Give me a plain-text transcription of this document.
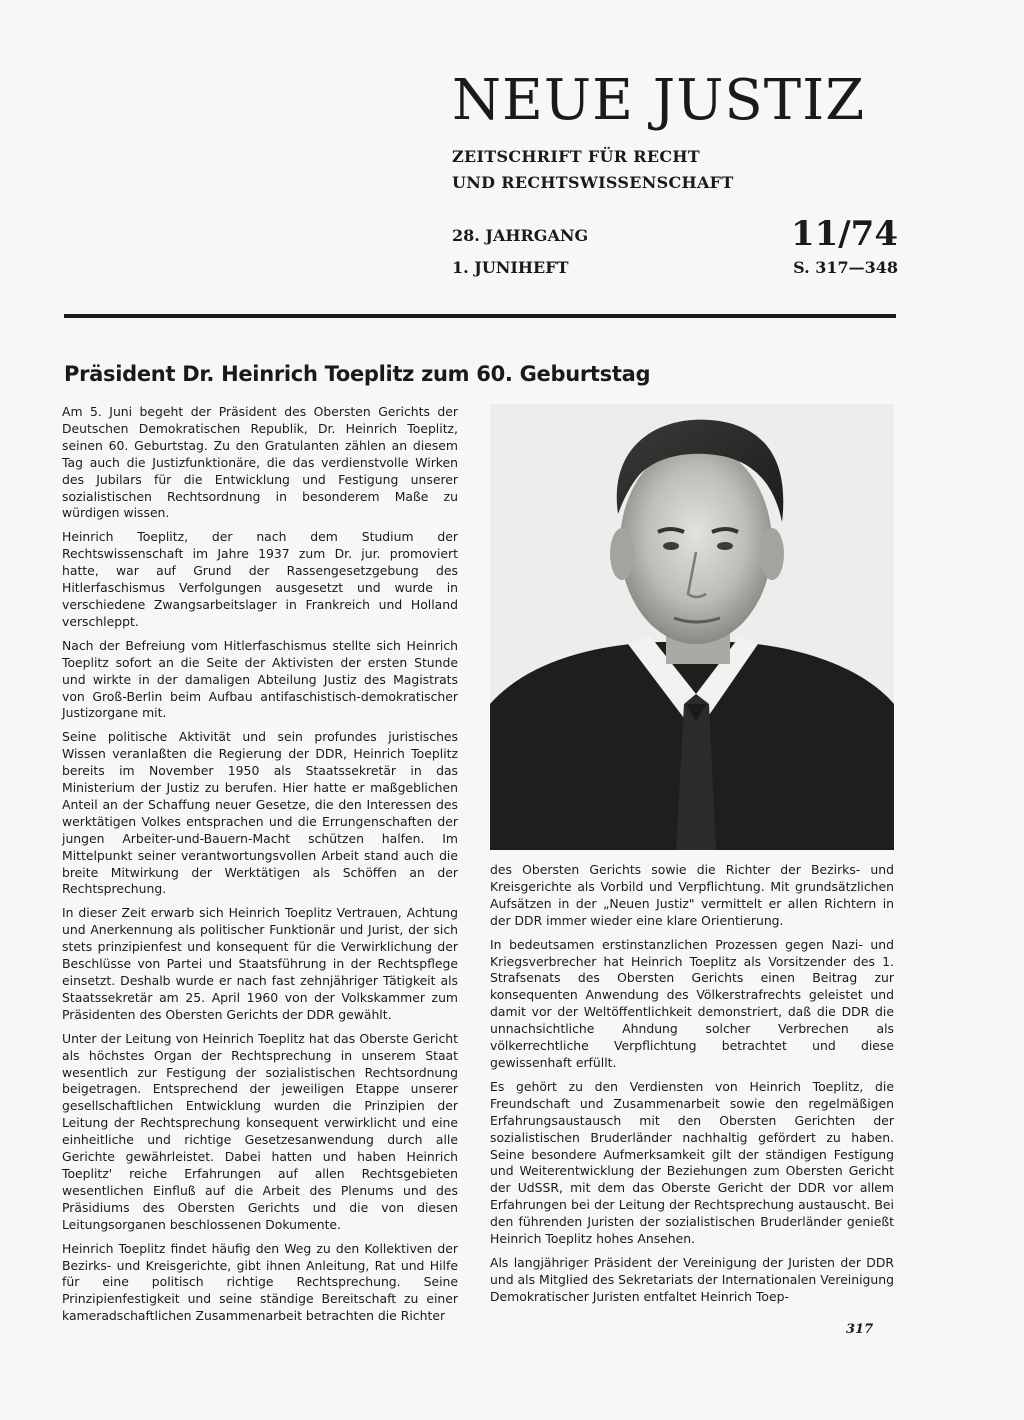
NEUE JUSTIZ
ZEITSCHRIFT FÜR RECHT
UND RECHTSWISSENSCHAFT
28. JAHRGANG
1. JUNIHEFT
11/74
S. 317—348
Präsident Dr. Heinrich Toeplitz zum 60. Geburtstag

Am 5. Juni begeht der Präsident des Obersten Gerichts der Deutschen Demokratischen Republik, Dr. Heinrich Toeplitz, seinen 60. Geburtstag. Zu den Gratulanten zählen an diesem Tag auch die Justizfunktionäre, die das verdienstvolle Wirken des Jubilars für die Entwicklung und Festigung unserer sozialistischen Rechtsordnung in besonderem Maße zu würdigen wissen.

Heinrich Toeplitz, der nach dem Studium der Rechtswissenschaft im Jahre 1937 zum Dr. jur. promoviert hatte, war auf Grund der Rassengesetzgebung des Hitlerfaschismus Verfolgungen ausgesetzt und wurde in verschiedene Zwangsarbeitslager in Frankreich und Holland verschleppt.

Nach der Befreiung vom Hitlerfaschismus stellte sich Heinrich Toeplitz sofort an die Seite der Aktivisten der ersten Stunde und wirkte in der damaligen Abteilung Justiz des Magistrats von Groß-Berlin beim Aufbau antifaschistisch-demokratischer Justizorgane mit.

Seine politische Aktivität und sein profundes juristisches Wissen veranlaßten die Regierung der DDR, Heinrich Toeplitz bereits im November 1950 als Staatssekretär in das Ministerium der Justiz zu berufen. Hier hatte er maßgeblichen Anteil an der Schaffung neuer Gesetze, die den Interessen des werktätigen Volkes entsprachen und die Errungenschaften der jungen Arbeiter-und-Bauern-Macht schützen halfen. Im Mittelpunkt seiner verantwortungsvollen Arbeit stand auch die breite Mitwirkung der Werktätigen als Schöffen an der Rechtsprechung.

In dieser Zeit erwarb sich Heinrich Toeplitz Vertrauen, Achtung und Anerkennung als politischer Funktionär und Jurist, der sich stets prinzipienfest und konsequent für die Verwirklichung der Beschlüsse von Partei und Staatsführung in der Rechtspflege einsetzt. Deshalb wurde er nach fast zehnjähriger Tätigkeit als Staatssekretär am 25. April 1960 von der Volkskammer zum Präsidenten des Obersten Gerichts der DDR gewählt.

Unter der Leitung von Heinrich Toeplitz hat das Oberste Gericht als höchstes Organ der Rechtsprechung in unserem Staat wesentlich zur Festigung der sozialistischen Rechtsordnung beigetragen. Entsprechend der jeweiligen Etappe unserer gesellschaftlichen Entwicklung wurden die Prinzipien der Leitung der Rechtsprechung konsequent verwirklicht und eine einheitliche und richtige Gesetzesanwendung durch alle Gerichte gewährleistet. Dabei hatten und haben Heinrich Toeplitz' reiche Erfahrungen auf allen Rechtsgebieten wesentlichen Einfluß auf die Arbeit des Plenums und des Präsidiums des Obersten Gerichts und die von diesen Leitungsorganen beschlossenen Dokumente.

Heinrich Toeplitz findet häufig den Weg zu den Kollektiven der Bezirks- und Kreisgerichte, gibt ihnen Anleitung, Rat und Hilfe für eine politisch richtige Rechtsprechung. Seine Prinzipienfestigkeit und seine ständige Bereitschaft zu einer kameradschaftlichen Zusammenarbeit betrachten die Richter

des Obersten Gerichts sowie die Richter der Bezirks- und Kreisgerichte als Vorbild und Verpflichtung. Mit grundsätzlichen Aufsätzen in der „Neuen Justiz" vermittelt er allen Richtern in der DDR immer wieder eine klare Orientierung.

In bedeutsamen erstinstanzlichen Prozessen gegen Nazi- und Kriegsverbrecher hat Heinrich Toeplitz als Vorsitzender des 1. Strafsenats des Obersten Gerichts einen Beitrag zur konsequenten Anwendung des Völkerstrafrechts geleistet und damit vor der Weltöffentlichkeit demonstriert, daß die DDR die unnachsichtliche Ahndung solcher Verbrechen als völkerrechtliche Verpflichtung betrachtet und diese gewissenhaft erfüllt.

Es gehört zu den Verdiensten von Heinrich Toeplitz, die Freundschaft und Zusammenarbeit sowie den regelmäßigen Erfahrungsaustausch mit den Obersten Gerichten der sozialistischen Bruderländer nachhaltig gefördert zu haben. Seine besondere Aufmerksamkeit gilt der ständigen Festigung und Weiterentwicklung der Beziehungen zum Obersten Gericht der UdSSR, mit dem das Oberste Gericht der DDR vor allem Erfahrungen bei der Leitung der Rechtsprechung austauscht. Bei den führenden Juristen der sozialistischen Bruderländer genießt Heinrich Toeplitz hohes Ansehen.

Als langjähriger Präsident der Vereinigung der Juristen der DDR und als Mitglied des Sekretariats der Internationalen Vereinigung Demokratischer Juristen entfaltet Heinrich Toep-

317
